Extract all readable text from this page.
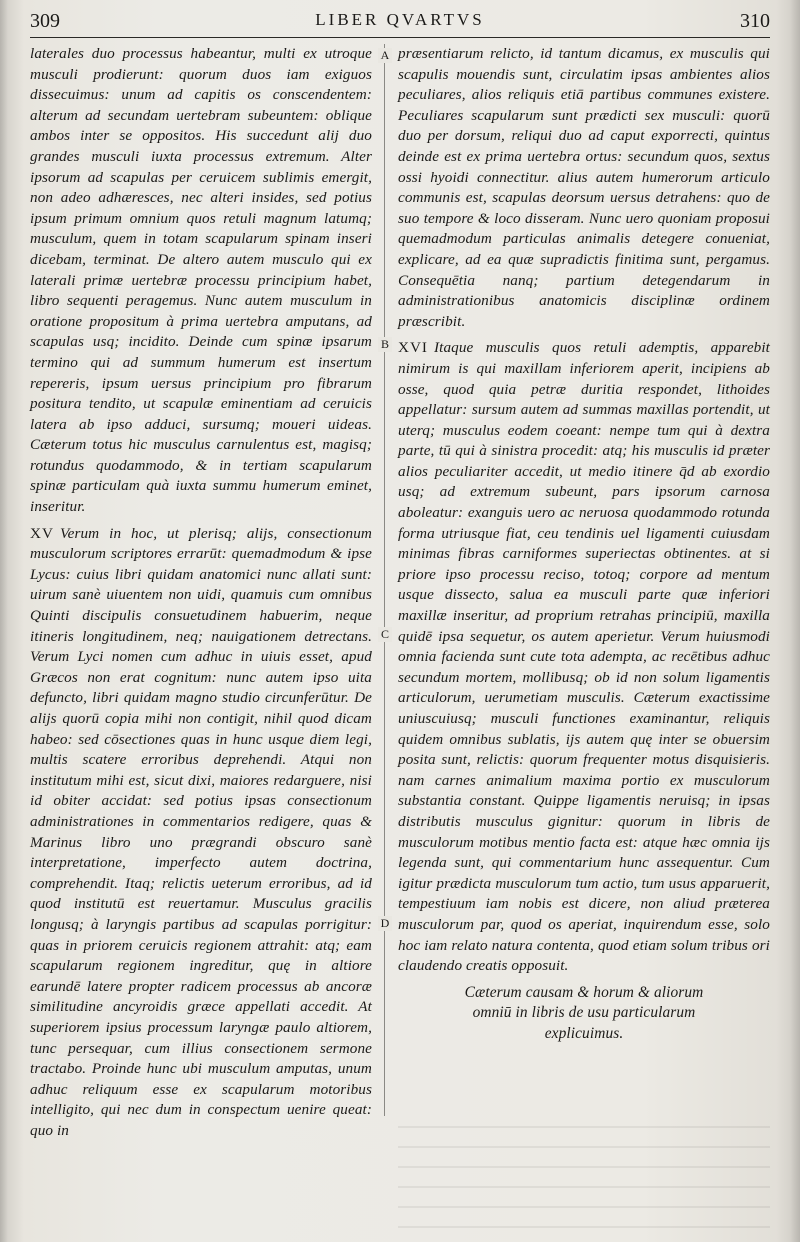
309	LIBER QVARTVS	310

laterales duo processus habeantur, multi ex utroque musculi prodierunt: quorum duos iam exiguos dissecuimus: unum ad capitis os conscendentem: alterum ad secundam uertebram subeuntem: oblique ambos inter se oppositos. His succedunt alij duo grandes musculi iuxta processus extremum. Alter ipsorum ad scapulas per ceruicem sublimis emergit, non adeo adhæresces, nec alteri insides, sed potius ipsum primum omnium quos retuli magnum latumq; musculum, quem in totam scapularum spinam inseri dicebam, terminat. De altero autem musculo qui ex laterali primæ uertebræ processu principium habet, libro sequenti peragemus. Nunc autem musculum in oratione propositum à prima uertebra amputans, ad scapulas usq; incidito. Deinde cum spinæ ipsarum termino qui ad summum humerum est insertum repereris, ipsum uersus principium pro fibrarum positura tendito, ut scapulæ eminentiam ad ceruicis latera ab ipso adduci, sursumq; moueri uideas. Cæterum totus hic musculus carnulentus est, magisq; rotundus quodammodo, & in tertiam scapularum spinæ particulam quà iuxta summu humerum eminet, inseritur.

XV Verum in hoc, ut plerisq; alijs, consectionum musculorum scriptores errarūt: quemadmodum & ipse Lycus: cuius libri quidam anatomici nunc allati sunt: uirum sanè uiuentem non uidi, quamuis cum omnibus Quinti discipulis consuetudinem habuerim, neque itineris longitudinem, neq; nauigationem detrectans. Verum Lyci nomen cum adhuc in uiuis esset, apud Græcos non erat cognitum: nunc autem ipso uita defuncto, libri quidam magno studio circunferūtur. De alijs quorū copia mihi non contigit, nihil quod dicam habeo: sed cōsectiones quas in hunc usque diem legi, multis scatere erroribus deprehendi. Atqui non institutum mihi est, sicut dixi, maiores redarguere, nisi id obiter accidat: sed potius ipsas consectionum administrationes in commentarios redigere, quas & Marinus libro uno prægrandi obscuro sanè interpretatione, imperfecto autem doctrina, comprehendit. Itaq; relictis ueterum erroribus, ad id quod institutū est reuertamur. Musculus gracilis longusq; à laryngis partibus ad scapulas porrigitur: quas in priorem ceruicis regionem attrahit: atq; eam scapularum regionem ingreditur, quę in altiore earundē latere propter radicem processus ab ancoræ similitudine ancyroidis græce appellati accedit. At superiorem ipsius processum laryngæ paulo altiorem, tunc persequar, cum illius consectionem sermone tractabo. Proinde hunc ubi musculum amputas, unum adhuc reliquum esse ex scapularum motoribus intelligito, qui nec dum in conspectum uenire queat: quo in

A
B
C
D

præsentiarum relicto, id tantum dicamus, ex musculis qui scapulis mouendis sunt, circulatim ipsas ambientes alios peculiares, alios reliquis etiā partibus communes existere. Peculiares scapularum sunt prædicti sex musculi: quorū duo per dorsum, reliqui duo ad caput exporrecti, quintus deinde est ex prima uertebra ortus: secundum quos, sextus ossi hyoidi connectitur. alius autem humerorum articulo communis est, scapulas deorsum uersus detrahens: quo de suo tempore & loco disseram. Nunc uero quoniam proposui quemadmodum particulas animalis detegere conueniat, explicare, ad ea quæ supradictis finitima sunt, pergamus. Consequētia nanq; partium detegendarum in administrationibus anatomicis disciplinæ ordinem præscribit.

XVI Itaque musculis quos retuli ademptis, apparebit nimirum is qui maxillam inferiorem aperit, incipiens ab osse, quod quia petræ duritia respondet, lithoides appellatur: sursum autem ad summas maxillas portendit, ut uterq; musculus eodem coeant: nempe tum qui à dextra parte, tū qui à sinistra procedit: atq; his musculis id præter alios peculiariter accedit, ut medio itinere q̄d ab exordio usq; ad extremum subeunt, pars ipsorum carnosa aboleatur: exanguis uero ac neruosa quodammodo rotunda forma utriusque fiat, ceu tendinis uel ligamenti cuiusdam minimas fibras carniformes superiectas obtinentes. at si priore ipso processu reciso, totoq; corpore ad mentum usque dissecto, salua ea musculi parte quæ inferiori maxillæ inseritur, ad proprium retrahas principiū, maxilla quidē ipsa sequetur, os autem aperietur. Verum huiusmodi omnia facienda sunt cute tota adempta, ac recētibus adhuc secundum mortem, mollibusq; ob id non solum ligamentis articulorum, uerumetiam musculis. Cæterum exactissime uniuscuiusq; musculi functiones examinantur, reliquis quidem omnibus sublatis, ijs autem quę inter se obuersim posita sunt, relictis: quorum frequenter motus disquisieris. nam carnes animalium maxima portio ex musculorum substantia constant. Quippe ligamentis neruisq; in ipsas distributis musculus gignitur: quorum in libris de musculorum motibus mentio facta est: atque hæc omnia ijs legenda sunt, qui commentarium hunc assequentur. Cum igitur prædicta musculorum tum actio, tum usus apparuerit, tempestiuum iam nobis est dicere, non aliud præterea musculorum par, quod os aperiat, inquirendum esse, solo hoc iam relato natura contenta, quod etiam solum tribus ori claudendo creatis opposuit.

Cæterum causam & horum & aliorum
omniū in libris de usu particularum
explicuimus.
